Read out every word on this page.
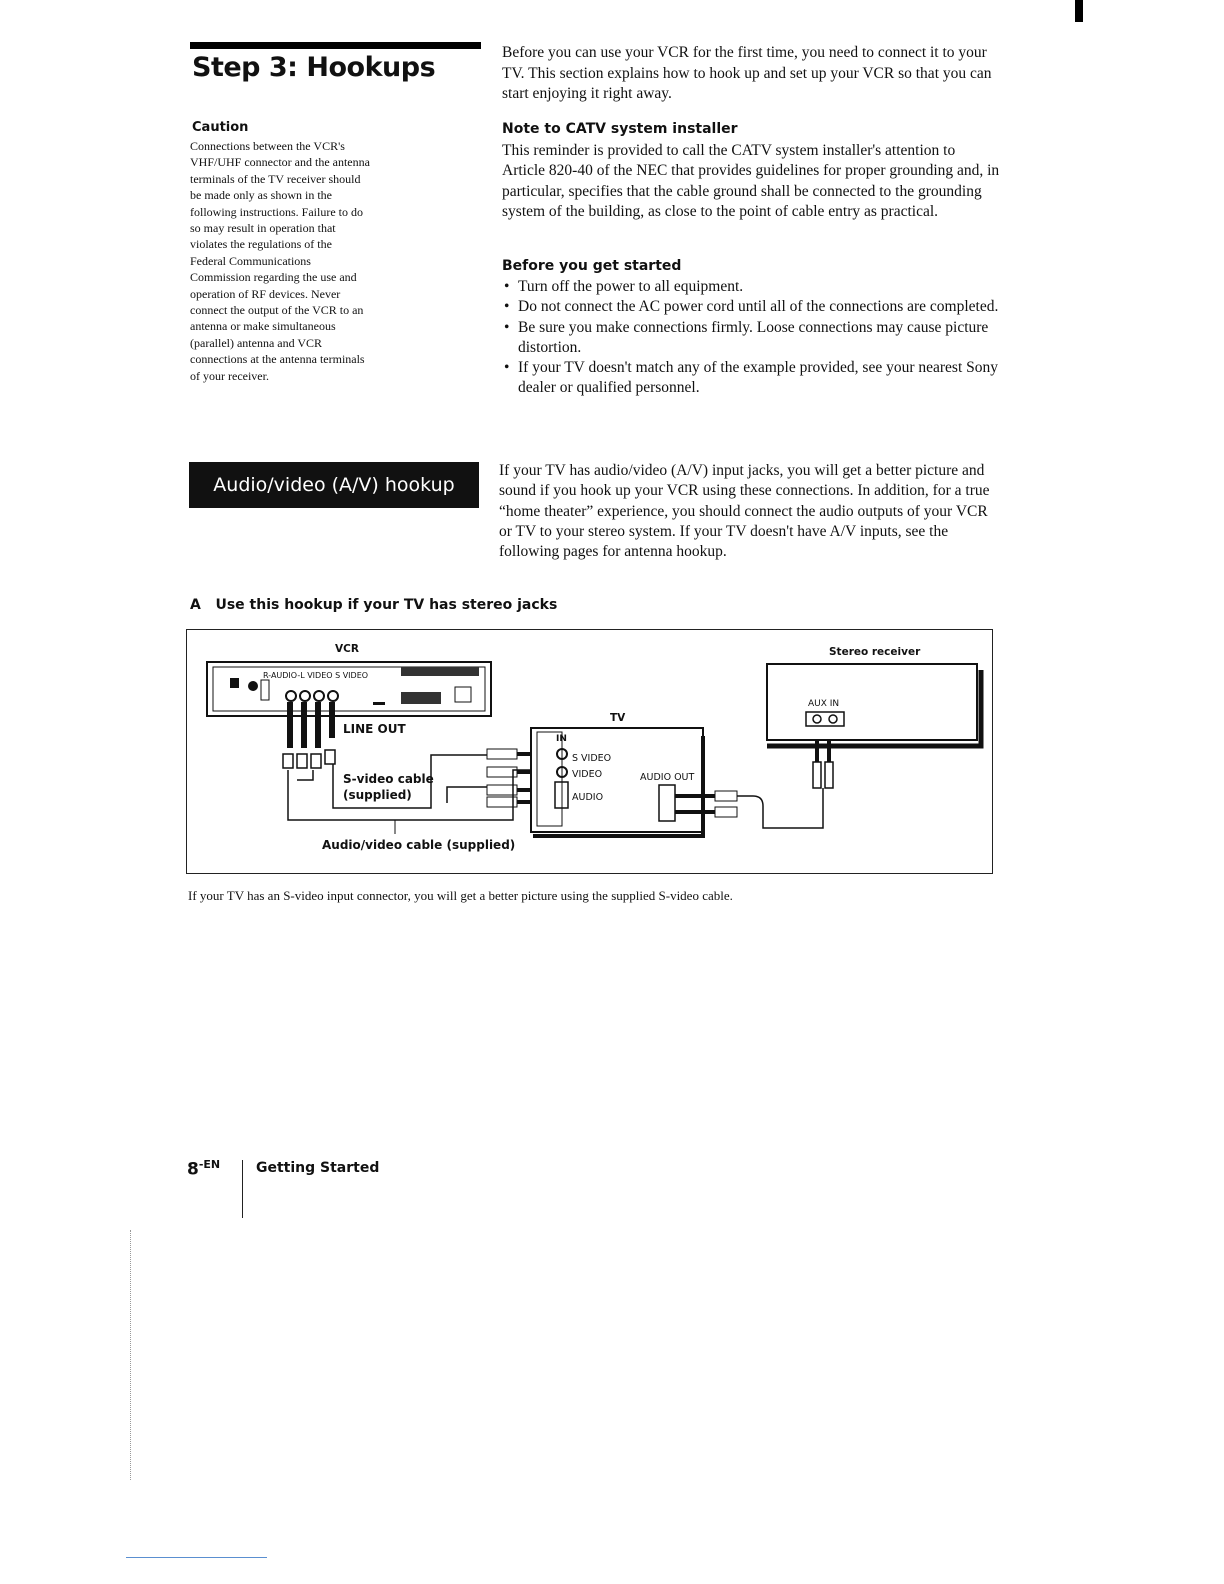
Step 3: Hookups	Before you can use your VCR for the first time, you need to connect it to your TV. This section explains how to hook up and set up your VCR so that you can start enjoying it right away.
Caution
Connections between the VCR's VHF/UHF connector and the antenna terminals of the TV receiver should be made only as shown in the following instructions. Failure to do so may result in operation that violates the regulations of the Federal Communications Commission regarding the use and operation of RF devices. Never connect the output of the VCR to an antenna or make simultaneous (parallel) antenna and VCR connections at the antenna terminals of your receiver.
Note to CATV system installer
This reminder is provided to call the CATV system installer's attention to Article 820-40 of the NEC that provides guidelines for proper grounding and, in particular, specifies that the cable ground shall be connected to the grounding system of the building, as close to the point of cable entry as practical.
Before you get started
• Turn off the power to all equipment.
• Do not connect the AC power cord until all of the connections are completed.
• Be sure you make connections firmly. Loose connections may cause picture distortion.
• If your TV doesn't match any of the example provided, see your nearest Sony dealer or qualified personnel.
Audio/video (A/V) hookup
If your TV has audio/video (A/V) input jacks, you will get a better picture and sound if you hook up your VCR using these connections. In addition, for a true “home theater” experience, you should connect the audio outputs of your VCR or TV to your stereo system. If your TV doesn't have A/V inputs, see the following pages for antenna hookup.
A Use this hookup if your TV has stereo jacks
VCR
R-AUDIO-L VIDEO S VIDEO
LINE OUT
S-video cable
(supplied)
Audio/video cable (supplied)
TV
IN
S VIDEO
VIDEO
AUDIO
AUDIO OUT
Stereo receiver
AUX IN
If your TV has an S-video input connector, you will get a better picture using the supplied S-video cable.
$8^{-EN}$	Getting Started
